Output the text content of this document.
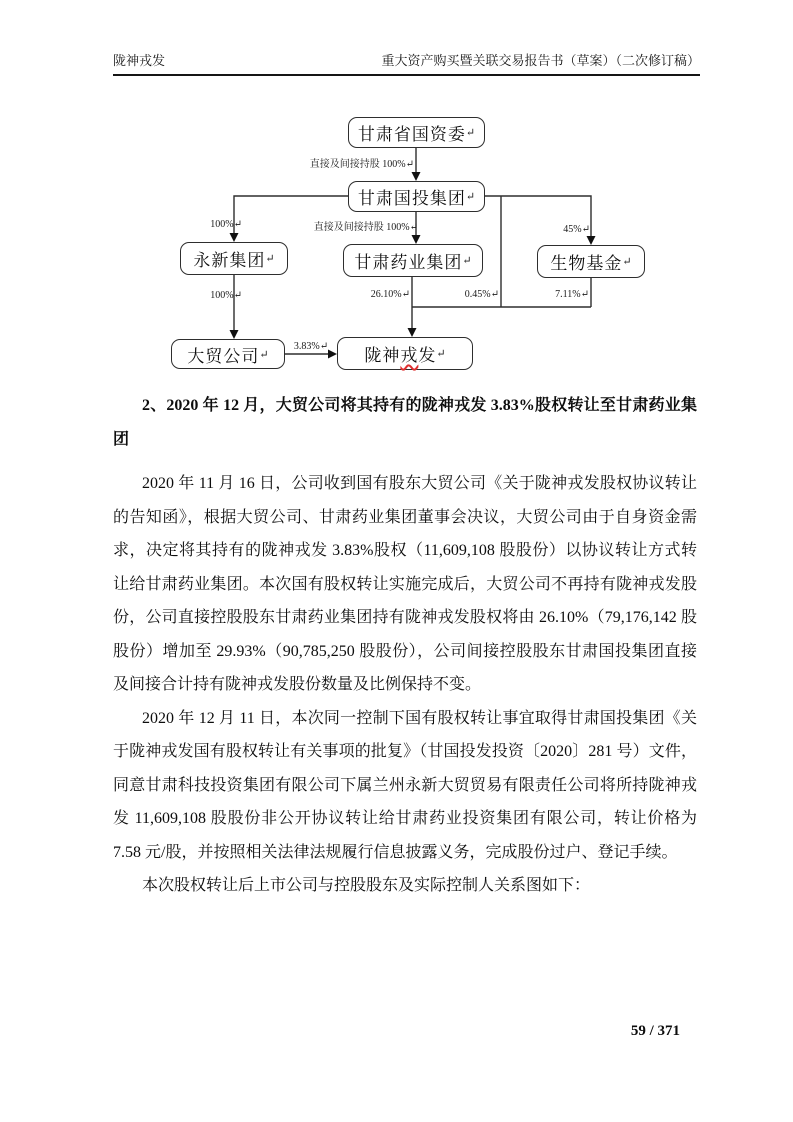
陇神戎发	重大资产购买暨关联交易报告书（草案）（二次修订稿）
甘肃省国资委 ↵
甘肃国投集团 ↵
永新集团 ↵	甘肃药业集团 ↵	生物基金 ↵
大贸公司 ↵	陇神 戎 发 ↵
直接及间接持股 100%↵
100%↵	直接及间接持股 100%↵	45%↵
100%↵	26.10%↵	0.45%↵	7.11%↵
3.83%↵

2、2020 年 12 月，大贸公司将其持有的陇神戎发 3.83%股权转让至甘肃药业集团

2020 年 11 月 16 日，公司收到国有股东大贸公司《关于陇神戎发股权协议转让的告知函》，根据大贸公司、甘肃药业集团董事会决议，大贸公司由于自身资金需求，决定将其持有的陇神戎发 3.83%股权（11,609,108 股股份）以协议转让方式转让给甘肃药业集团。本次国有股权转让实施完成后，大贸公司不再持有陇神戎发股份，公司直接控股股东甘肃药业集团持有陇神戎发股权将由 26.10%（79,176,142 股股份）增加至 29.93%（90,785,250 股股份），公司间接控股股东甘肃国投集团直接及间接合计持有陇神戎发股份数量及比例保持不变。

2020 年 12 月 11 日，本次同一控制下国有股权转让事宜取得甘肃国投集团《关于陇神戎发国有股权转让有关事项的批复》（甘国投发投资〔2020〕281 号）文件，同意甘肃科技投资集团有限公司下属兰州永新大贸贸易有限责任公司将所持陇神戎发 11,609,108 股股份非公开协议转让给甘肃药业投资集团有限公司，转让价格为 7.58 元/股，并按照相关法律法规履行信息披露义务，完成股份过户、登记手续。

本次股权转让后上市公司与控股股东及实际控制人关系图如下：

59 / 371
